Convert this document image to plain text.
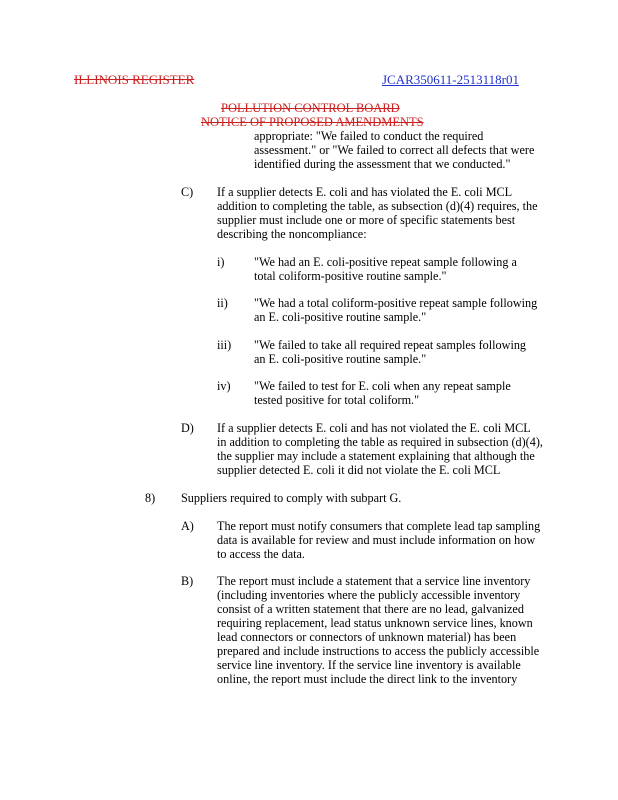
ILLINOIS REGISTER	JCAR350611-2513118r01
POLLUTION CONTROL BOARD
NOTICE OF PROPOSED AMENDMENTS
appropriate: "We failed to conduct the required
assessment." or "We failed to correct all defects that were
identified during the assessment that we conducted."
C) If a supplier detects E. coli and has violated the E. coli MCL
addition to completing the table, as subsection (d)(4) requires, the
supplier must include one or more of specific statements best
describing the noncompliance:
i) "We had an E. coli-positive repeat sample following a
total coliform-positive routine sample."
ii) "We had a total coliform-positive repeat sample following
an E. coli-positive routine sample."
iii) "We failed to take all required repeat samples following
an E. coli-positive routine sample."
iv) "We failed to test for E. coli when any repeat sample
tested positive for total coliform."
D) If a supplier detects E. coli and has not violated the E. coli MCL
in addition to completing the table as required in subsection (d)(4),
the supplier may include a statement explaining that although the
supplier detected E. coli it did not violate the E. coli MCL
8) Suppliers required to comply with subpart G.
A) The report must notify consumers that complete lead tap sampling
data is available for review and must include information on how
to access the data.
B) The report must include a statement that a service line inventory
(including inventories where the publicly accessible inventory
consist of a written statement that there are no lead, galvanized
requiring replacement, lead status unknown service lines, known
lead connectors or connectors of unknown material) has been
prepared and include instructions to access the publicly accessible
service line inventory. If the service line inventory is available
online, the report must include the direct link to the inventory
